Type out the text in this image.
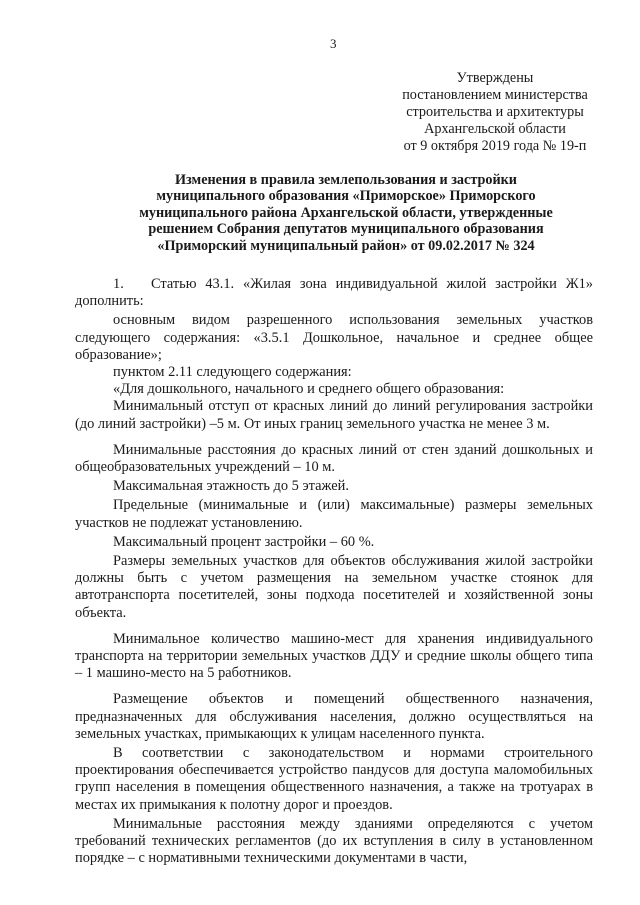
3
Утверждены
постановлением министерства
строительства и архитектуры
Архангельской области
от 9 октября 2019 года № 19-п
Изменения в правила землепользования и застройки
муниципального образования «Приморское» Приморского
муниципального района Архангельской области, утвержденные
решением Собрания депутатов муниципального образования
«Приморский муниципальный район» от 09.02.2017 № 324

1. Статью 43.1. «Жилая зона индивидуальной жилой застройки Ж1» дополнить:

основным видом разрешенного использования земельных участков следующего содержания: «3.5.1 Дошкольное, начальное и среднее общее образование»;

пунктом 2.11 следующего содержания:

«Для дошкольного, начального и среднего общего образования:

Минимальный отступ от красных линий до линий регулирования застройки (до линий застройки) –5 м. От иных границ земельного участка не менее 3 м.

Минимальные расстояния до красных линий от стен зданий дошкольных и общеобразовательных учреждений – 10 м.

Максимальная этажность до 5 этажей.

Предельные (минимальные и (или) максимальные) размеры земельных участков не подлежат установлению.

Максимальный процент застройки – 60 %.

Размеры земельных участков для объектов обслуживания жилой застройки должны быть с учетом размещения на земельном участке стоянок для автотранспорта посетителей, зоны подхода посетителей и хозяйственной зоны объекта.

Минимальное количество машино-мест для хранения индивидуального транспорта на территории земельных участков ДДУ и средние школы общего типа – 1 машино-место на 5 работников.

Размещение объектов и помещений общественного назначения, предназначенных для обслуживания населения, должно осуществляться на земельных участках, примыкающих к улицам населенного пункта.

В соответствии с законодательством и нормами строительного проектирования обеспечивается устройство пандусов для доступа маломобильных групп населения в помещения общественного назначения, а также на тротуарах в местах их примыкания к полотну дорог и проездов.

Минимальные расстояния между зданиями определяются с учетом требований технических регламентов (до их вступления в силу в установленном порядке – с нормативными техническими документами в части,
